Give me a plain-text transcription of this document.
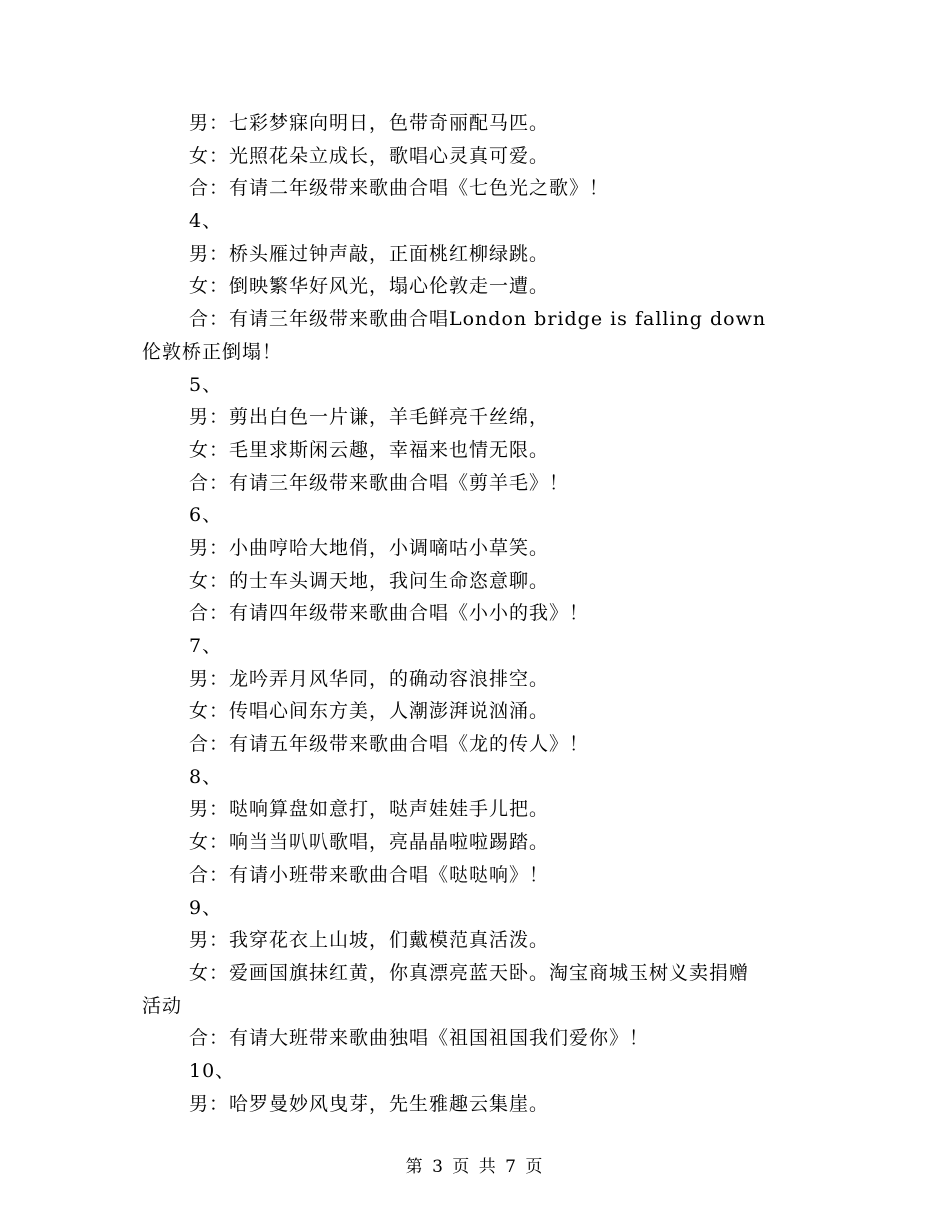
男：七彩梦寐向明日，色带奇丽配马匹。
女：光照花朵立成长，歌唱心灵真可爱。
合：有请二年级带来歌曲合唱《七色光之歌》！
4、
男：桥头雁过钟声敲，正面桃红柳绿跳。
女：倒映繁华好风光，塌心伦敦走一遭。
合：有请三年级带来歌曲合唱London bridge is falling down
伦敦桥正倒塌！
5、
男：剪出白色一片谦，羊毛鲜亮千丝绵，
女：毛里求斯闲云趣，幸福来也情无限。
合：有请三年级带来歌曲合唱《剪羊毛》！
6、
男：小曲哼哈大地俏，小调嘀咕小草笑。
女：的士车头调天地，我问生命恣意聊。
合：有请四年级带来歌曲合唱《小小的我》！
7、
男：龙吟弄月风华同，的确动容浪排空。
女：传唱心间东方美，人潮澎湃说汹涌。
合：有请五年级带来歌曲合唱《龙的传人》！
8、
男：哒响算盘如意打，哒声娃娃手儿把。
女：响当当叭叭歌唱，亮晶晶啦啦踢踏。
合：有请小班带来歌曲合唱《哒哒响》！
9、
男：我穿花衣上山坡，们戴模范真活泼。
女：爱画国旗抹红黄，你真漂亮蓝天卧。淘宝商城玉树义卖捐赠
活动
合：有请大班带来歌曲独唱《祖国祖国我们爱你》！
10、
男：哈罗曼妙风曳芽，先生雅趣云集崖。
第 3 页 共 7 页
